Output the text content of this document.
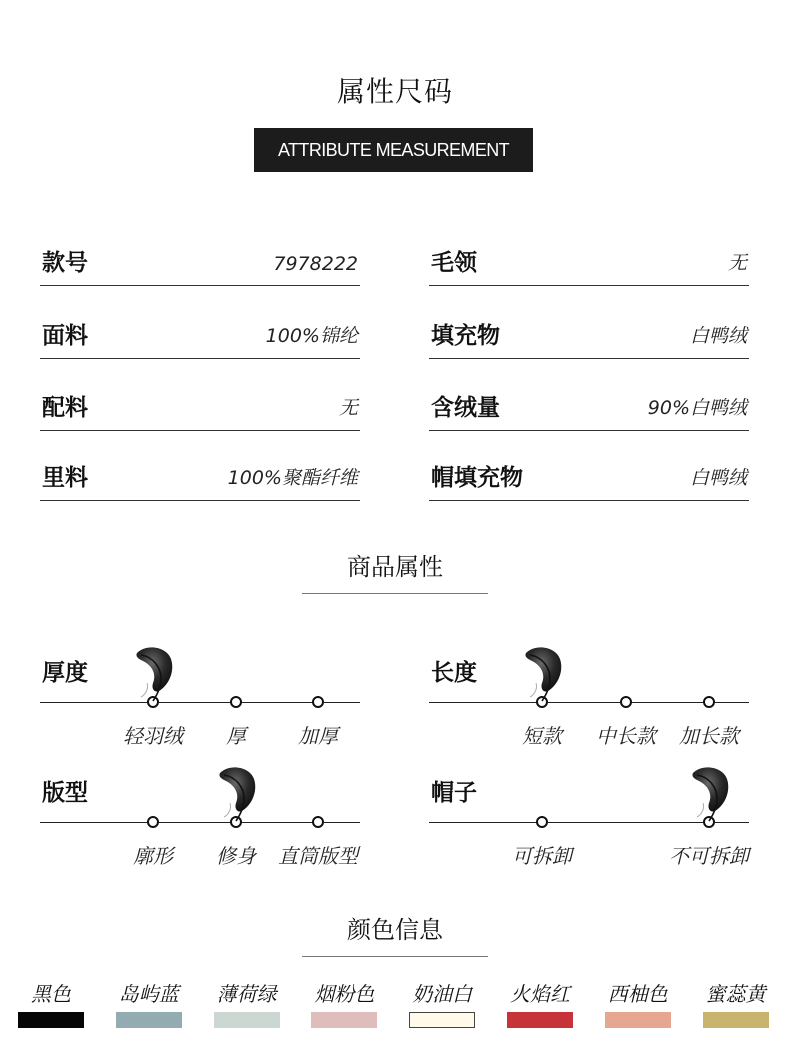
属性尺码
ATTRIBUTE MEASUREMENT
款号	7978222	毛领	无
面料	100%锦纶	填充物	白鸭绒
配料	无	含绒量	90%白鸭绒
里料	100%聚酯纤维	帽填充物	白鸭绒
商品属性
厚度
轻羽绒 厚	加厚
长度
短款 中长款 加长款
版型
廓形 修身 直筒版型
帽子
可拆卸	不可拆卸
颜色信息
黑色 岛屿蓝 薄荷绿 烟粉色 奶油白 火焰红 西柚色 蜜蕊黄
